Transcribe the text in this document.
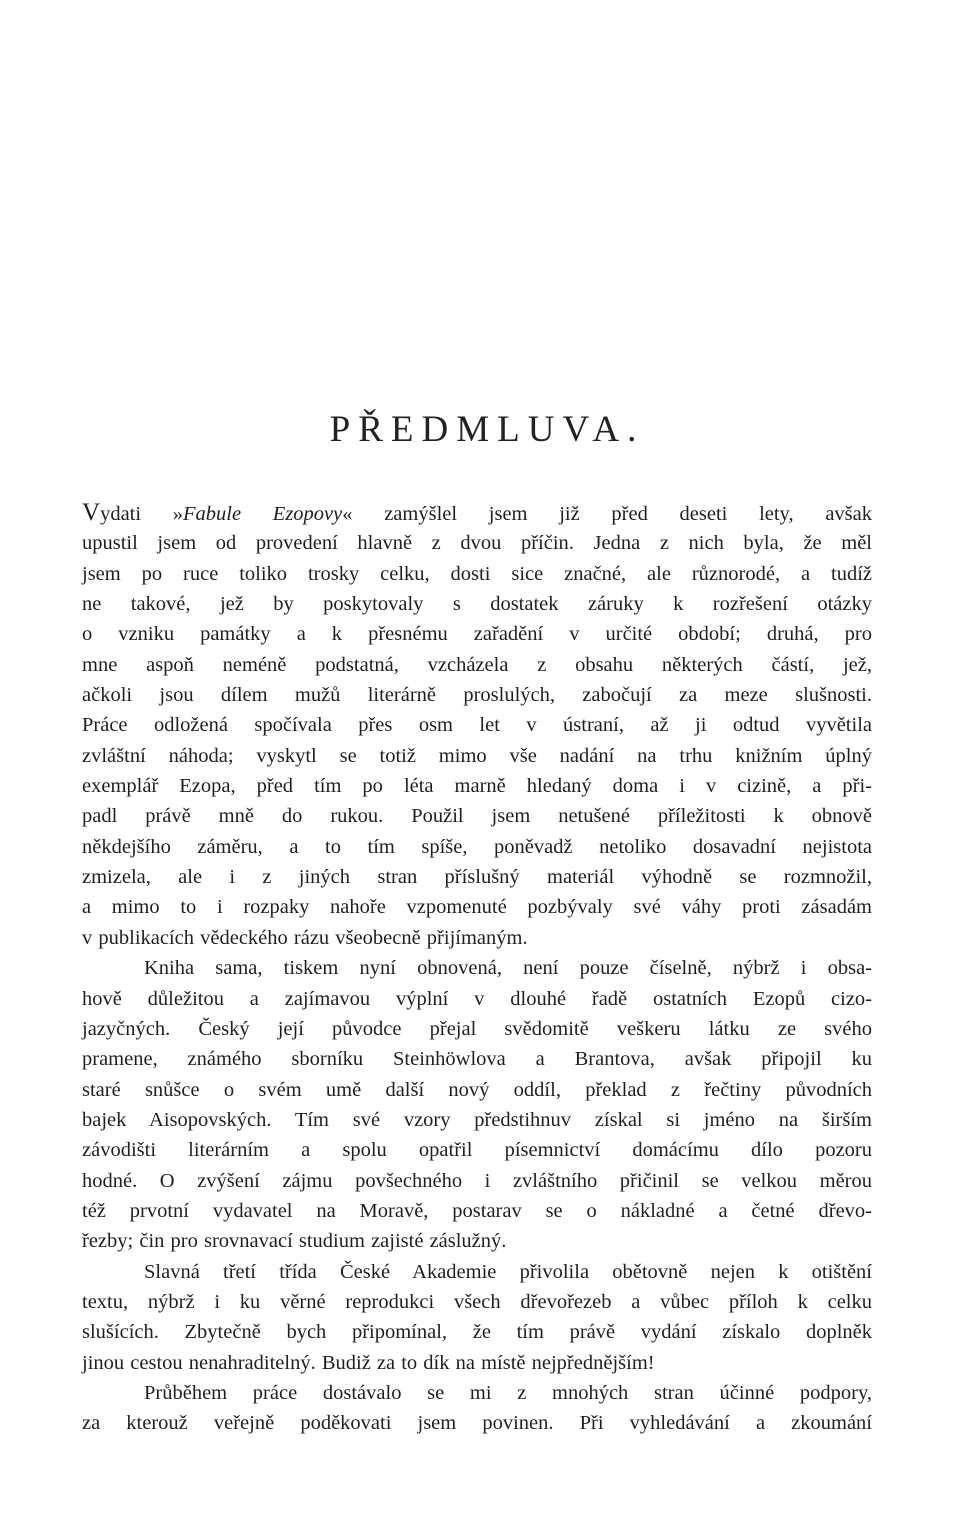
PŘEDMLUVA.
Vydati »Fabule Ezopovy« zamýšlel jsem již před deseti lety, avšak
upustil jsem od provedení hlavně z dvou příčin. Jedna z nich byla, že měl
jsem po ruce toliko trosky celku, dosti sice značné, ale různorodé, a tudíž
ne takové, jež by poskytovaly s dostatek záruky k rozřešení otázky
o vzniku památky a k přesnému zařadění v určité období; druhá, pro
mne aspoň neméně podstatná, vzcházela z obsahu některých částí, jež,
ačkoli jsou dílem mužů literárně proslulých, zabočují za meze slušnosti.
Práce odložená spočívala přes osm let v ústraní, až ji odtud vyvětila
zvláštní náhoda; vyskytl se totiž mimo vše nadání na trhu knižním úplný
exemplář Ezopa, před tím po léta marně hledaný doma i v cizině, a při-
padl právě mně do rukou. Použil jsem netušené příležitosti k obnově
někdejšího záměru, a to tím spíše, poněvadž netoliko dosavadní nejistota
zmizela, ale i z jiných stran příslušný materiál výhodně se rozmnožil,
a mimo to i rozpaky nahoře vzpomenuté pozbývaly své váhy proti zásadám
v publikacích vědeckého rázu všeobecně přijímaným.
Kniha sama, tiskem nyní obnovená, není pouze číselně, nýbrž i obsa-
hově důležitou a zajímavou výplní v dlouhé řadě ostatních Ezopů cizo-
jazyčných. Český její původce přejal svědomitě veškeru látku ze svého
pramene, známého sborníku Steinhöwlova a Brantova, avšak připojil ku
staré snůšce o svém umě další nový oddíl, překlad z řečtiny původních
bajek Aisopovských. Tím své vzory předstihnuv získal si jméno na širším
závodišti literárním a spolu opatřil písemnictví domácímu dílo pozoru
hodné. O zvýšení zájmu povšechného i zvláštního přičinil se velkou měrou
též prvotní vydavatel na Moravě, postarav se o nákladné a četné dřevo-
řezby; čin pro srovnavací studium zajisté záslužný.
Slavná třetí třída České Akademie přivolila obětovně nejen k otištění
textu, nýbrž i ku věrné reprodukci všech dřevořezeb a vůbec příloh k celku
slušících. Zbytečně bych připomínal, že tím právě vydání získalo doplněk
jinou cestou nenahraditelný. Budiž za to dík na místě nejpřednějším!
Průběhem práce dostávalo se mi z mnohých stran účinné podpory,
za kterouž veřejně poděkovati jsem povinen. Při vyhledávání a zkoumání
